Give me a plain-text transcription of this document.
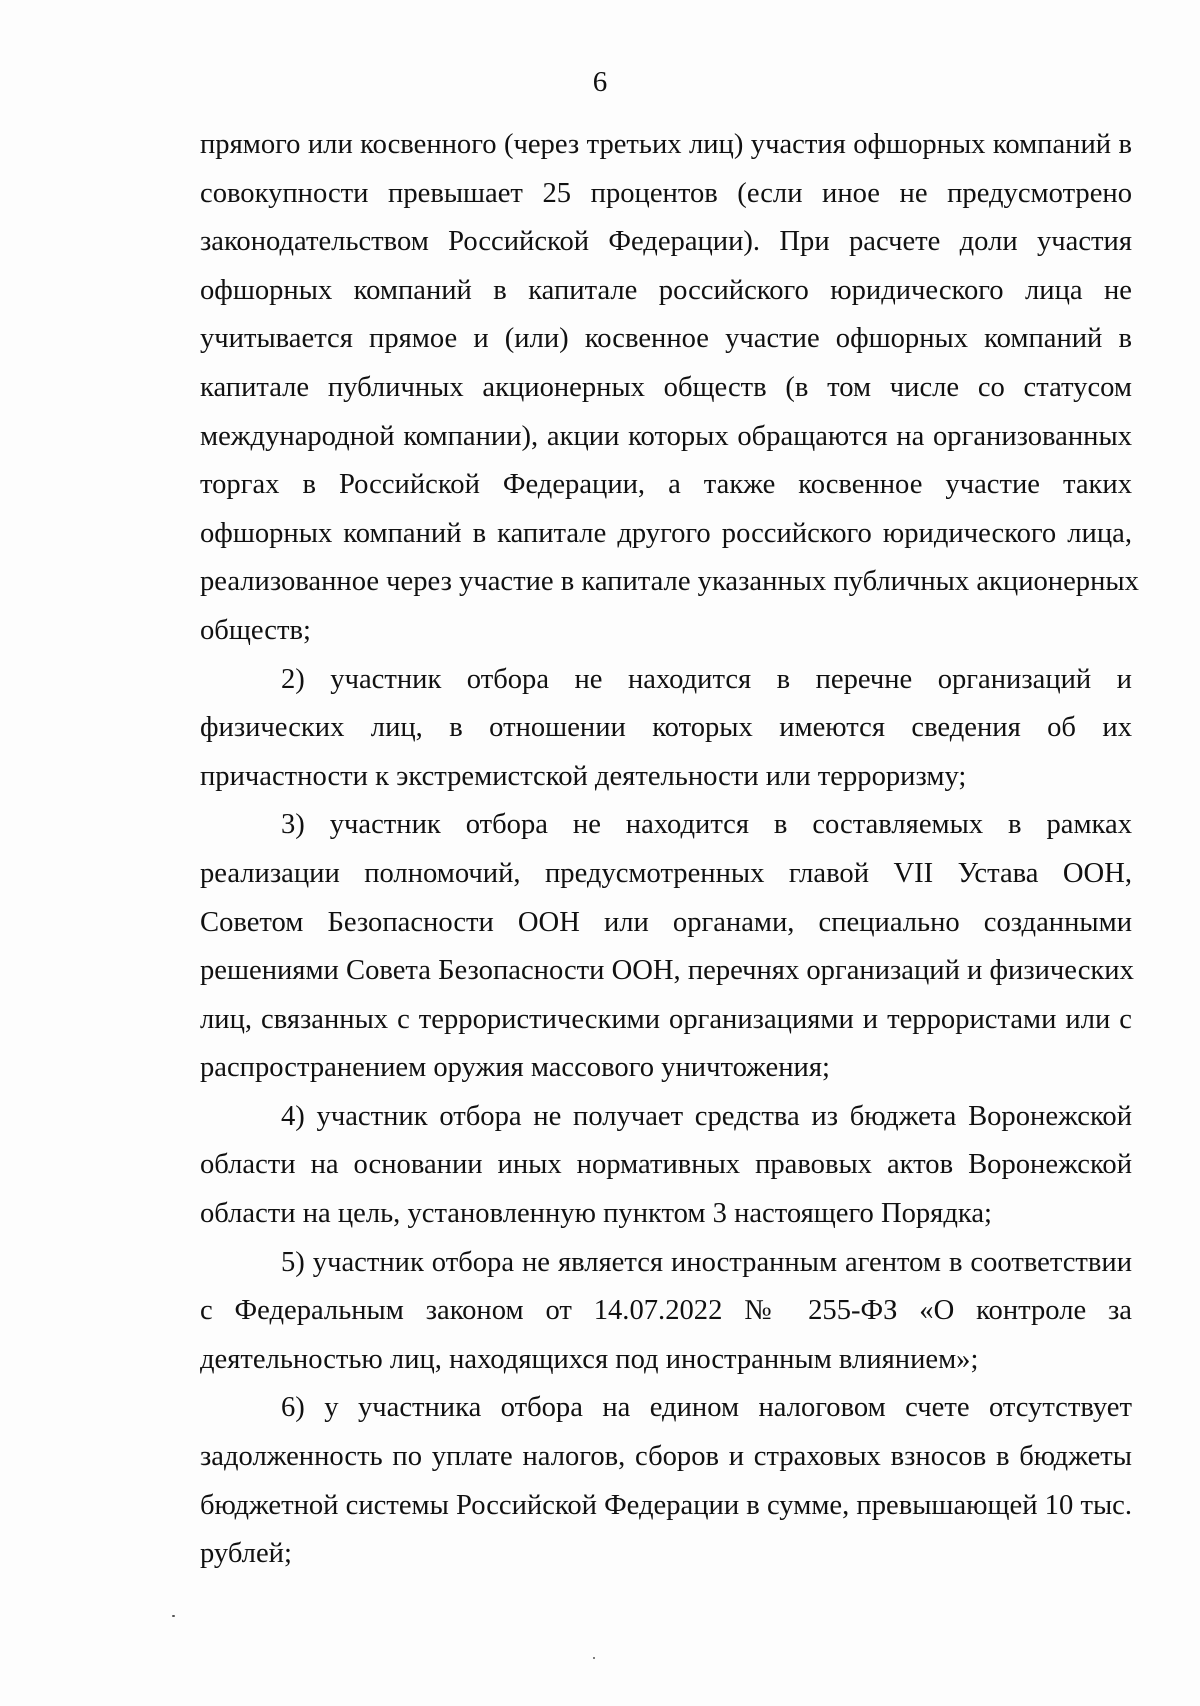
6
прямого или косвенного (через третьих лиц) участия офшорных компаний в
совокупности превышает 25 процентов (если иное не предусмотрено
законодательством Российской Федерации). При расчете доли участия
офшорных компаний в капитале российского юридического лица не
учитывается прямое и (или) косвенное участие офшорных компаний в
капитале публичных акционерных обществ (в том числе со статусом
международной компании), акции которых обращаются на организованных
торгах в Российской Федерации, а также косвенное участие таких
офшорных компаний в капитале другого российского юридического лица,
реализованное через участие в капитале указанных публичных акционерных
обществ;
2) участник отбора не находится в перечне организаций и
физических лиц, в отношении которых имеются сведения об их
причастности к экстремистской деятельности или терроризму;
3) участник отбора не находится в составляемых в рамках
реализации полномочий, предусмотренных главой VII Устава ООН,
Советом Безопасности ООН или органами, специально созданными
решениями Совета Безопасности ООН, перечнях организаций и физических
лиц, связанных с террористическими организациями и террористами или с
распространением оружия массового уничтожения;
4) участник отбора не получает средства из бюджета Воронежской
области на основании иных нормативных правовых актов Воронежской
области на цель, установленную пунктом 3 настоящего Порядка;
5) участник отбора не является иностранным агентом в соответствии
с Федеральным законом от 14.07.2022 № 255-ФЗ «О контроле за
деятельностью лиц, находящихся под иностранным влиянием»;
6) у участника отбора на едином налоговом счете отсутствует
задолженность по уплате налогов, сборов и страховых взносов в бюджеты
бюджетной системы Российской Федерации в сумме, превышающей 10 тыс.
рублей;
